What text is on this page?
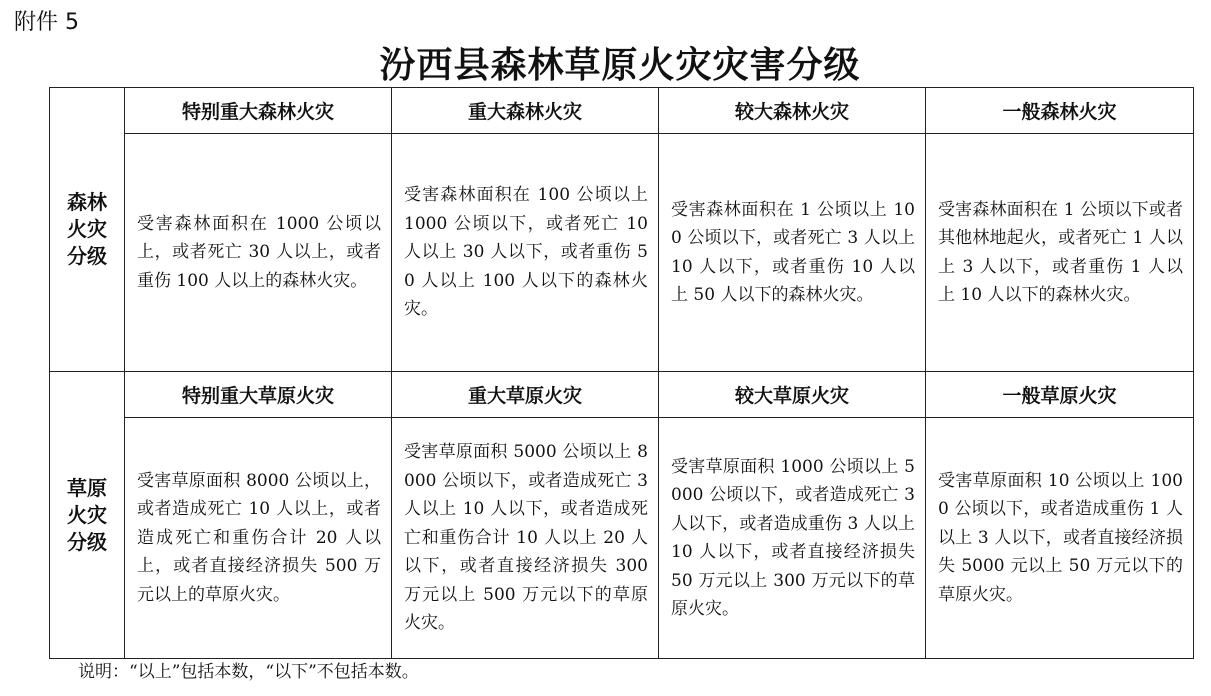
附件 5
汾西县森林草原火灾灾害分级
森林
火灾
分级	特别重大森林火灾	重大森林火灾	较大森林火灾	一般森林火灾
	受害森林面积在 1000 公顷以上，或者死亡 30 人以上，或者重伤 100 人以上的森林火灾。	受害森林面积在 100 公顷以上 1000 公顷以下，或者死亡 10 人以上 30 人以下，或者重伤 50 人以上 100 人以下的森林火灾。	受害森林面积在 1 公顷以上 100 公顷以下，或者死亡 3 人以上 10 人以下，或者重伤 10 人以上 50 人以下的森林火灾。	受害森林面积在 1 公顷以下或者其他林地起火，或者死亡 1 人以上 3 人以下，或者重伤 1 人以上 10 人以下的森林火灾。

草原
火灾
分级	特别重大草原火灾	重大草原火灾	较大草原火灾	一般草原火灾
	受害草原面积 8000 公顷以上，或者造成死亡 10 人以上，或者造成死亡和重伤合计 20 人以上，或者直接经济损失 500 万元以上的草原火灾。	受害草原面积 5000 公顷以上 8000 公顷以下，或者造成死亡 3 人以上 10 人以下，或者造成死亡和重伤合计 10 人以上 20 人以下，或者直接经济损失 300 万元以上 500 万元以下的草原火灾。	受害草原面积 1000 公顷以上 5000 公顷以下，或者造成死亡 3 人以下，或者造成重伤 3 人以上 10 人以下，或者直接经济损失 50 万元以上 300 万元以下的草原火灾。	受害草原面积 10 公顷以上 1000 公顷以下，或者造成重伤 1 人以上 3 人以下，或者直接经济损失 5000 元以上 50 万元以下的草原火灾。
说明：“以上”包括本数，“以下”不包括本数。
